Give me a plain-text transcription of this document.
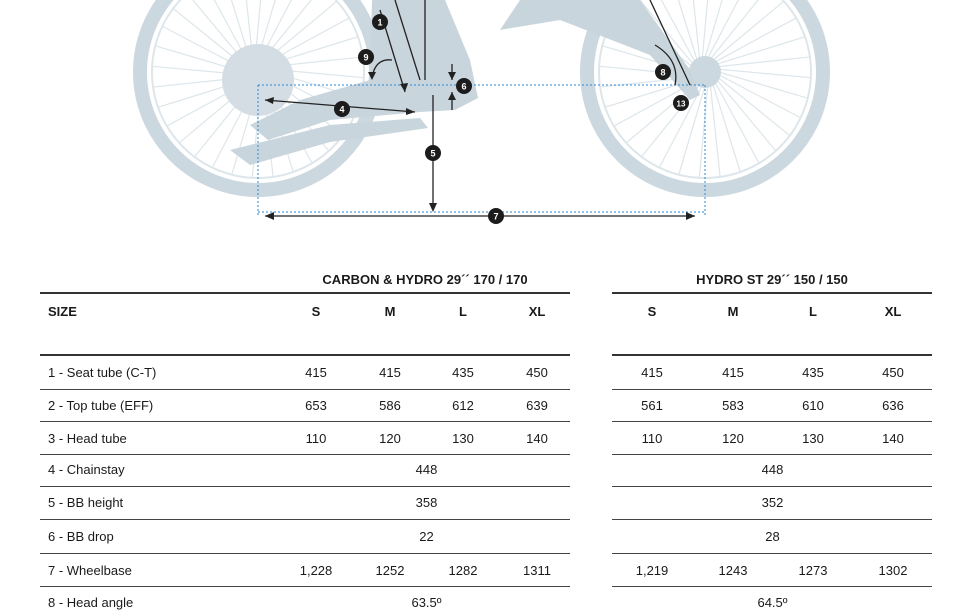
1
4
5
6
7
8
9
13
CARBON & HYDRO 29´´ 170 / 170
SIZE	S	M	L	XL
1 - Seat tube (C-T)	415	415	435	450
2 - Top tube (EFF)	653	586	612	639
3 - Head tube	110	120	130	140
4 - Chainstay	448
5 - BB height	358
6 - BB drop	22
7 - Wheelbase	1,228	1252	1282	1311
8 - Head angle	63.5º
HYDRO ST 29´´ 150 / 150
S	M	L	XL
415	415	435	450
561	583	610	636
110	120	130	140
448
352
28
1,219	1243	1273	1302
64.5º
